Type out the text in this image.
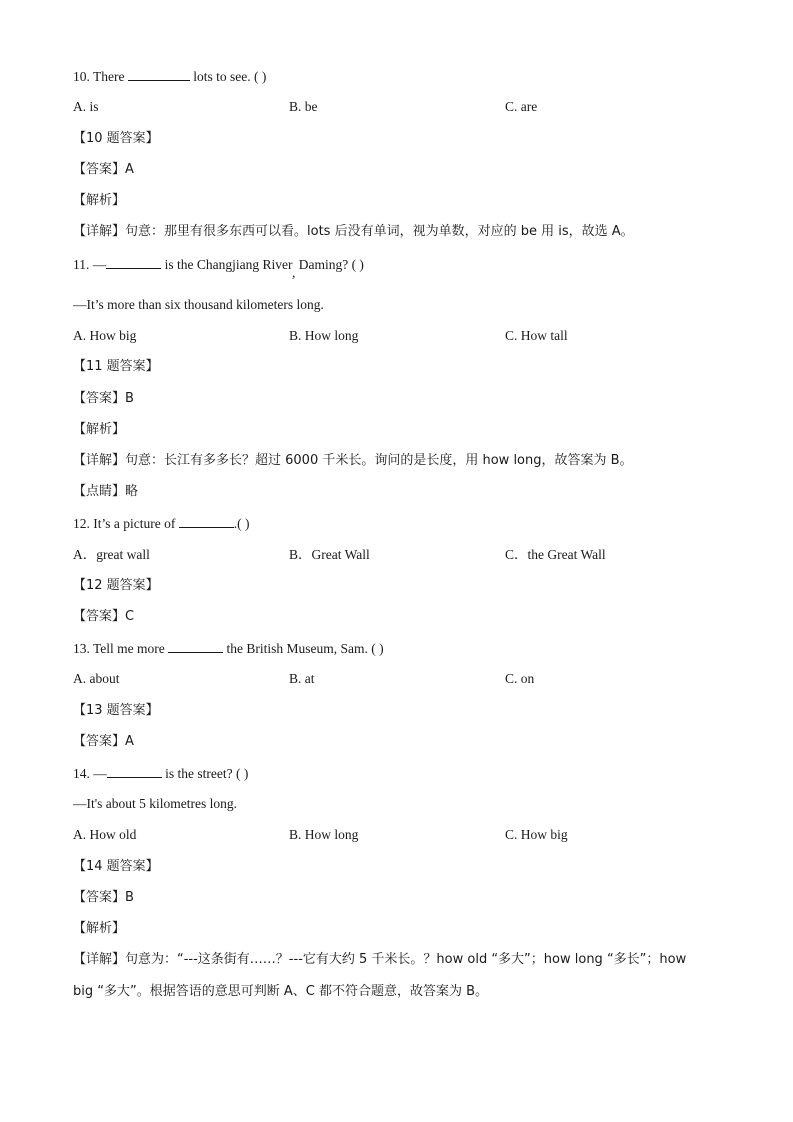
10. There	lots to see. ( )
A. is	B. be	C. are
【10 题答案】
【答案】A
【解析】
【详解】句意：那里有很多东西可以看。lots 后没有单词，视为单数，对应的 be 用 is，故选 A。
11. —	is the Changjiang River, Daming? ( )
—It’s more than six thousand kilometers long.
A. How big	B. How long	C. How tall
【11 题答案】
【答案】B
【解析】
【详解】句意：长江有多多长？超过 6000 千米长。询问的是长度，用 how long，故答案为 B。
【点睛】略
12. It’s a picture of	.( )
A．great wall	B．Great Wall	C．the Great Wall
【12 题答案】
【答案】C
13. Tell me more	the British Museum, Sam. ( )
A. about	B. at	C. on
【13 题答案】
【答案】A
14. —	is the street? ( )
—It's about 5 kilometres long.
A. How old	B. How long	C. How big
【14 题答案】
【答案】B
【解析】
【详解】句意为：“---这条街有……？---它有大约 5 千米长。？how old “多大”；how long “多长”；how
big “多大”。根据答语的意思可判断 A、C 都不符合题意，故答案为 B。
